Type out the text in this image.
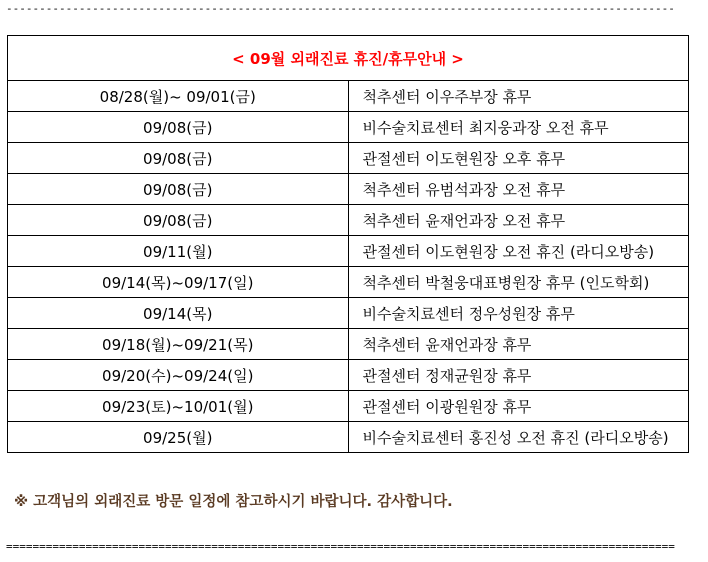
-----------------------------------------------------------------------------------------------------
< 09월 외래진료 휴진/휴무안내 >	
08/28(월)~ 09/01(금)	척추센터 이우주부장 휴무
09/08(금)	비수술치료센터 최지웅과장 오전 휴무
09/08(금)	관절센터 이도현원장 오후 휴무
09/08(금)	척추센터 유범석과장 오전 휴무
09/08(금)	척추센터 윤재언과장 오전 휴무
09/11(월)	관절센터 이도현원장 오전 휴진 (라디오방송)
09/14(목)~09/17(일)	척추센터 박철웅대표병원장 휴무 (인도학회)
09/14(목)	비수술치료센터 정우성원장 휴무
09/18(월)~09/21(목)	척추센터 윤재언과장 휴무
09/20(수)~09/24(일)	관절센터 정재균원장 휴무
09/23(토)~10/01(월)	관절센터 이광원원장 휴무
09/25(월)	비수술치료센터 홍진성 오전 휴진 (라디오방송)
※ 고객님의 외래진료 방문 일정에 참고하시기 바랍니다. 감사합니다.
=====================================================================================================
